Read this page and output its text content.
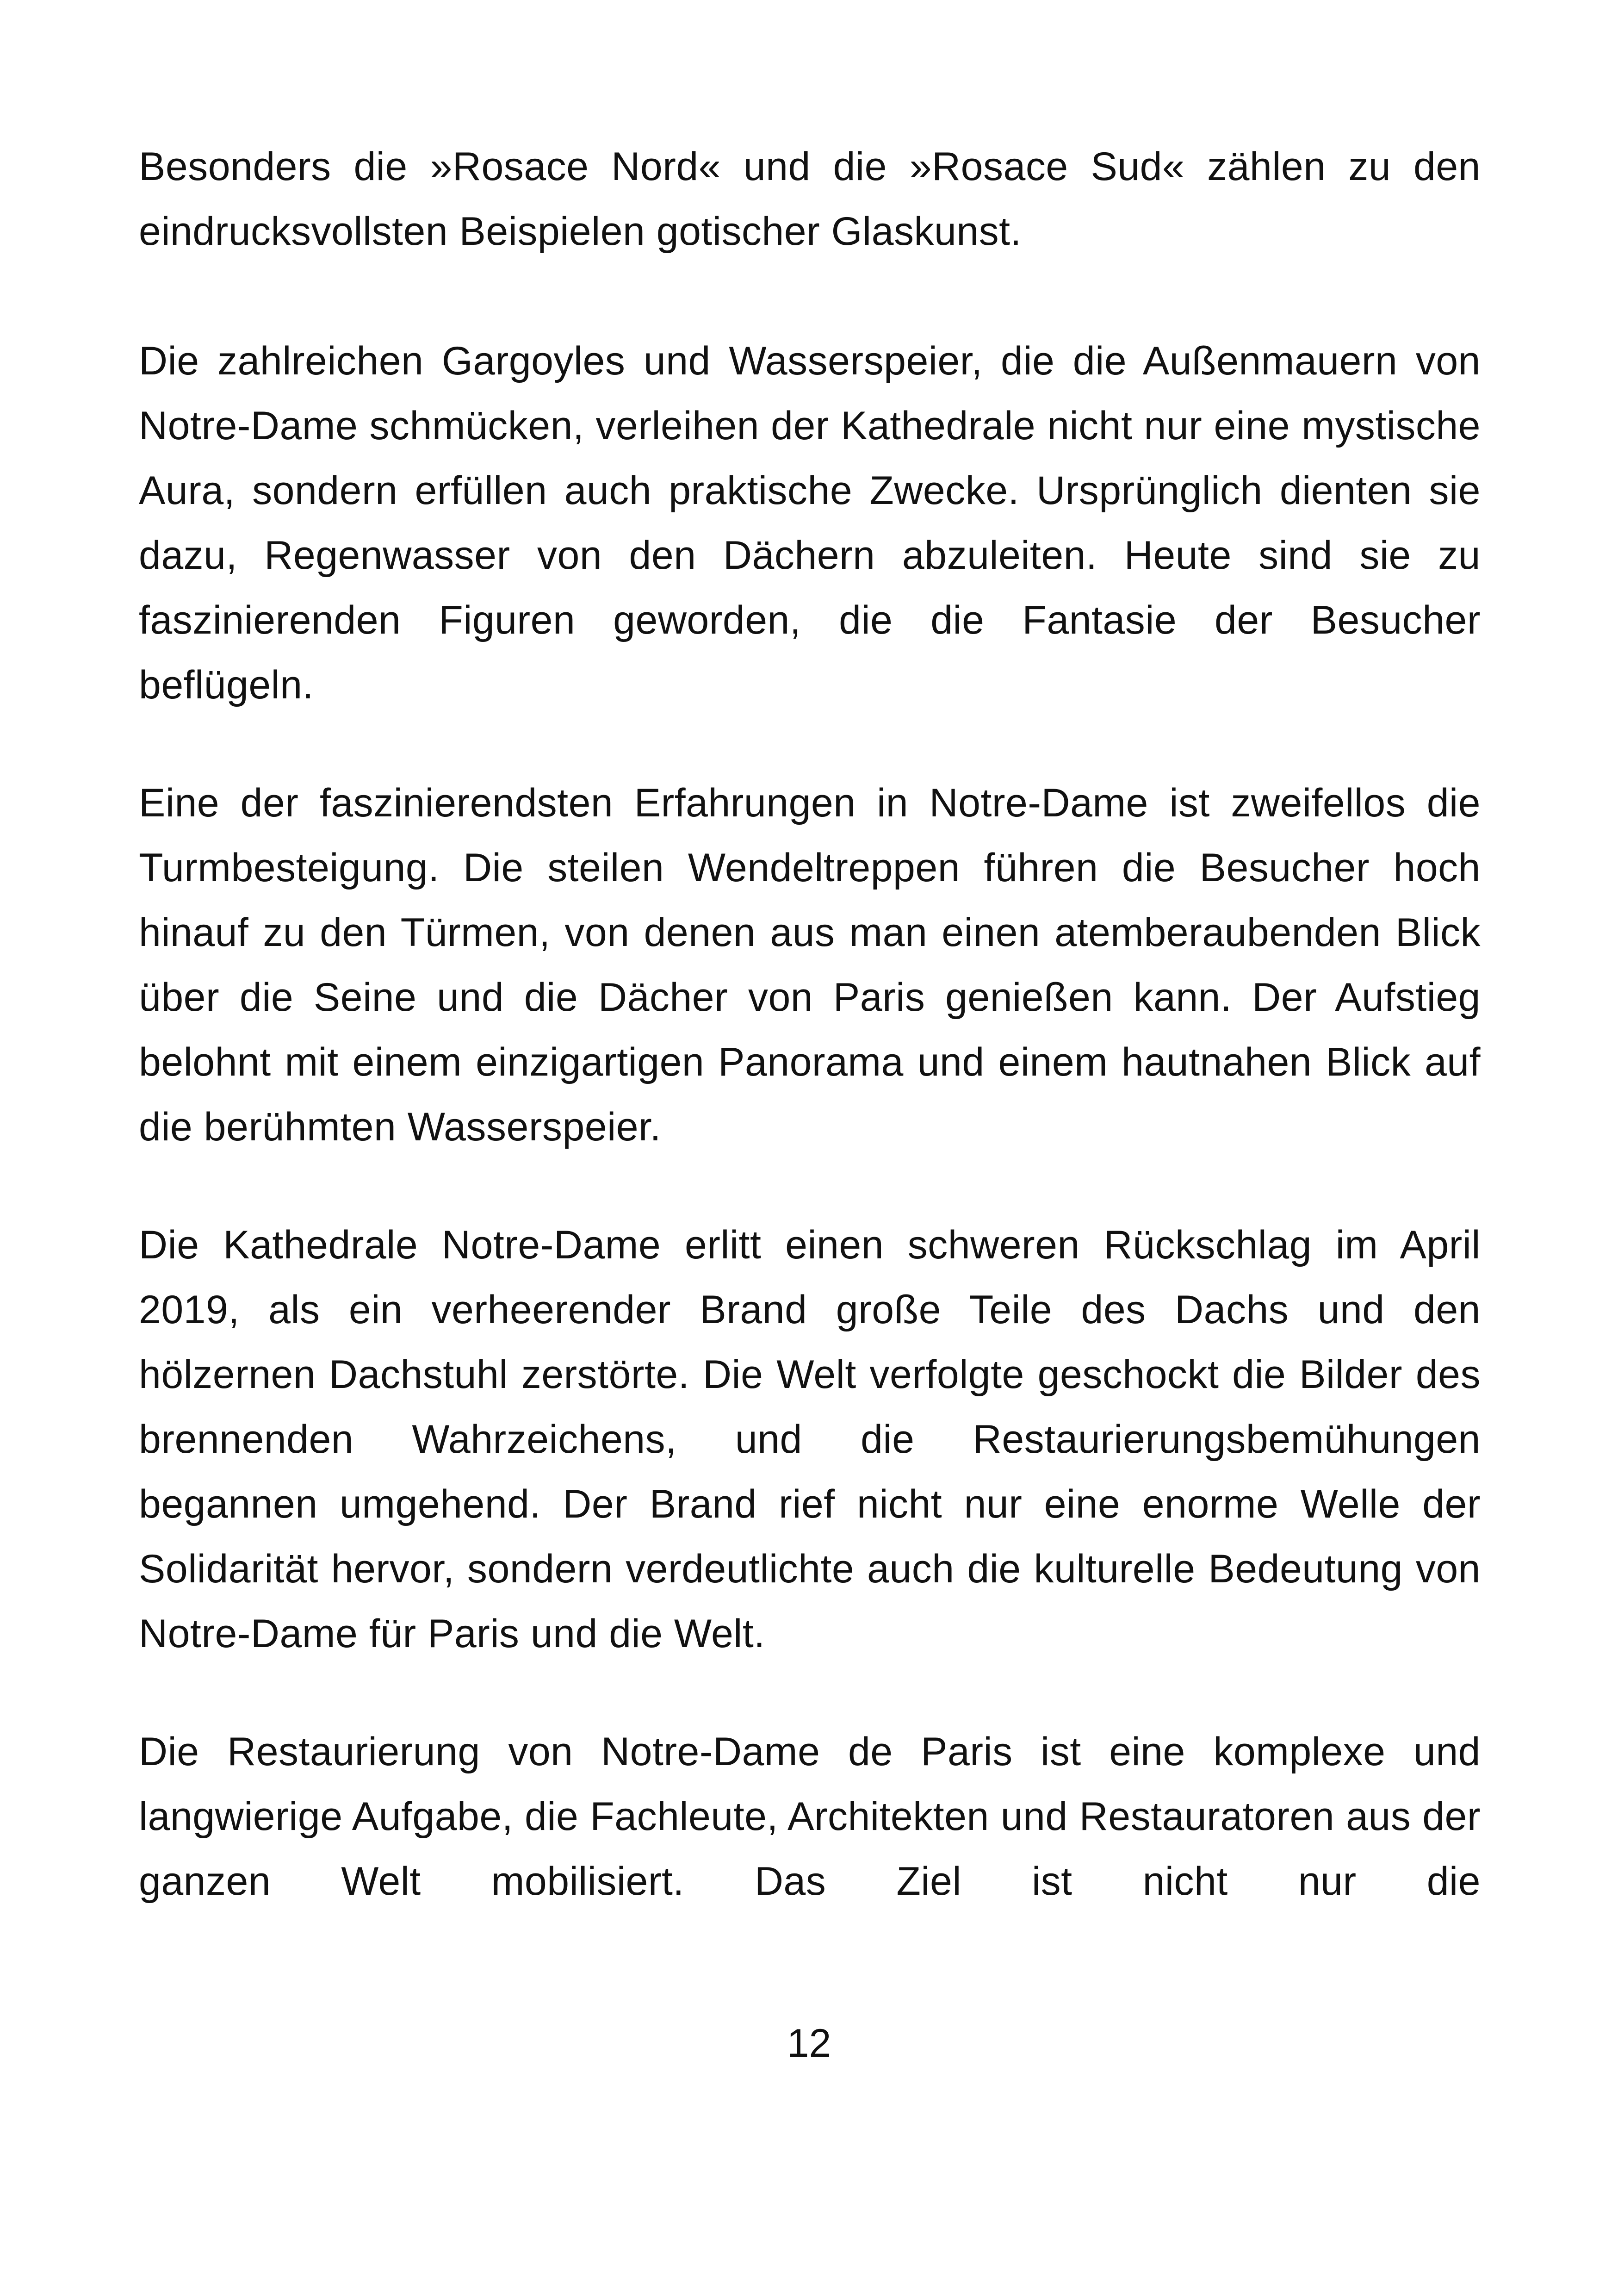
Besonders die »Rosace Nord« und die »Rosace Sud« zählen zu den eindrucksvollsten Beispielen gotischer Glaskunst.

Die zahlreichen Gargoyles und Wasserspeier, die die Außenmauern von Notre-Dame schmücken, verleihen der Kathedrale nicht nur eine mystische Aura, sondern erfüllen auch praktische Zwecke. Ursprünglich dienten sie dazu, Regenwasser von den Dächern abzuleiten. Heute sind sie zu faszinierenden Figuren geworden, die die Fantasie der Besucher beflügeln.

Eine der faszinierendsten Erfahrungen in Notre-Dame ist zweifellos die Turmbesteigung. Die steilen Wendeltreppen führen die Besucher hoch hinauf zu den Türmen, von denen aus man einen atemberaubenden Blick über die Seine und die Dächer von Paris genießen kann. Der Aufstieg belohnt mit einem einzigartigen Panorama und einem hautnahen Blick auf die berühmten Wasserspeier.

Die Kathedrale Notre-Dame erlitt einen schweren Rückschlag im April 2019, als ein verheerender Brand große Teile des Dachs und den hölzernen Dachstuhl zerstörte. Die Welt verfolgte geschockt die Bilder des brennenden Wahrzeichens, und die Restaurierungsbemühungen begannen umgehend. Der Brand rief nicht nur eine enorme Welle der Solidarität hervor, sondern verdeutlichte auch die kulturelle Bedeutung von Notre-Dame für Paris und die Welt.

Die Restaurierung von Notre-Dame de Paris ist eine komplexe und langwierige Aufgabe, die Fachleute, Architekten und Restauratoren aus der ganzen Welt mobilisiert. Das Ziel ist nicht nur die

12
